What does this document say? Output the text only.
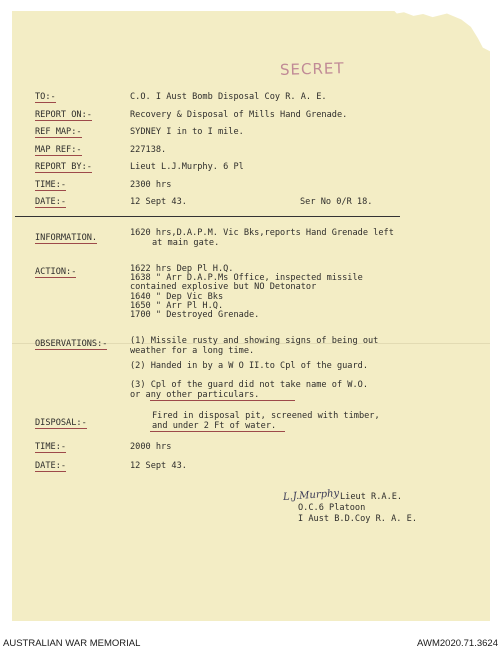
SECRET
TO:-	C.O. I Aust Bomb Disposal Coy R. A. E.
REPORT ON:-	Recovery & Disposal of Mills Hand Grenade.
REF MAP:-	SYDNEY I in to I mile.
MAP REF:-	227138.
REPORT BY:-	Lieut L.J.Murphy. 6 Pl
TIME:-	2300 hrs
DATE:-	12 Sept 43.	Ser No 0/R 18.
INFORMATION.	1620 hrs,D.A.P.M. Vic Bks,reports Hand Grenade left
at main gate.
ACTION:-	1622 hrs Dep Pl H.Q.
1638 " Arr D.A.P.Ms Office, inspected missile
contained explosive but NO Detonator
1640 " Dep Vic Bks
1650 " Arr Pl H.Q.
1700 " Destroyed Grenade.
OBSERVATIONS:-	(1) Missile rusty and showing signs of being out
weather for a long time.
(2) Handed in by a W O II.to Cpl of the guard.
(3) Cpl of the guard did not take name of W.O.
or any other particulars.
DISPOSAL:-
Fired in disposal pit, screened with timber,
and under 2 Ft of water.
TIME:-	2000 hrs
DATE:-	12 Sept 43.
L.J.Murphy Lieut R.A.E.
O.C.6 Platoon
I Aust B.D.Coy R. A. E.
AUSTRALIAN WAR MEMORIAL	AWM2020.71.3624
